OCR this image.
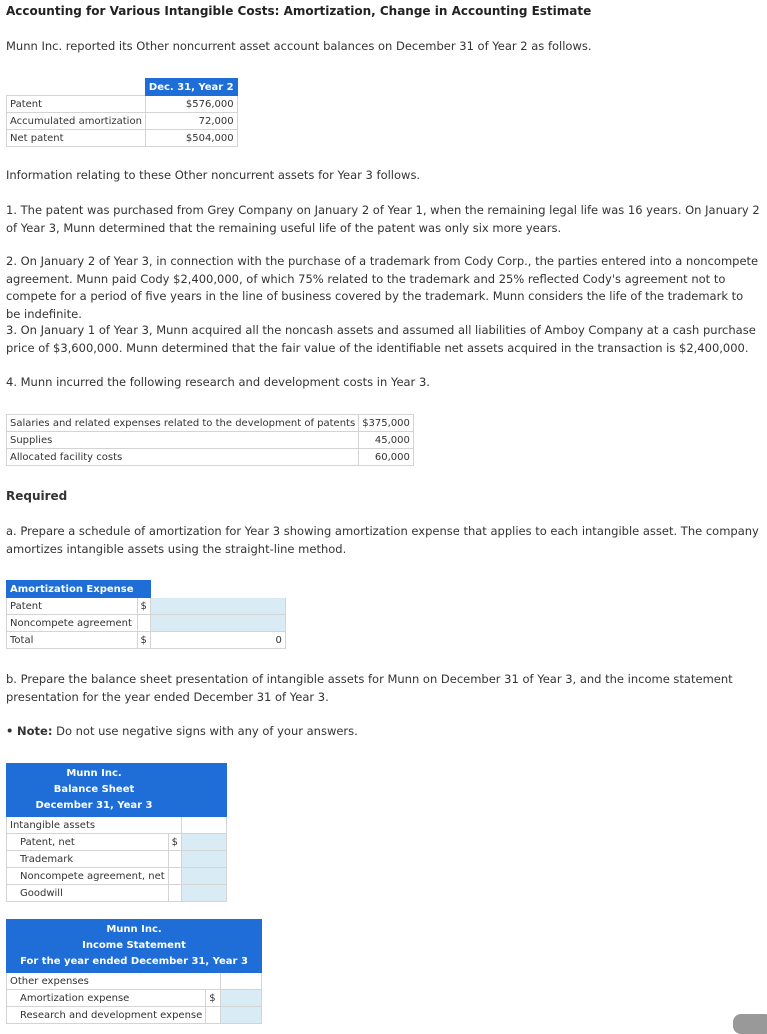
Accounting for Various Intangible Costs: Amortization, Change in Accounting Estimate
Munn Inc. reported its Other noncurrent asset account balances on December 31 of Year 2 as follows.
	Dec. 31, Year 2
Patent	$576,000
Accumulated amortization	72,000
Net patent	$504,000
Information relating to these Other noncurrent assets for Year 3 follows.
1. The patent was purchased from Grey Company on January 2 of Year 1, when the remaining legal life was 16 years. On January 2 of Year 3, Munn determined that the remaining useful life of the patent was only six more years.
2. On January 2 of Year 3, in connection with the purchase of a trademark from Cody Corp., the parties entered into a noncompete agreement. Munn paid Cody $2,400,000, of which 75% related to the trademark and 25% reflected Cody's agreement not to compete for a period of five years in the line of business covered by the trademark. Munn considers the life of the trademark to be indefinite.
3. On January 1 of Year 3, Munn acquired all the noncash assets and assumed all liabilities of Amboy Company at a cash purchase price of $3,600,000. Munn determined that the fair value of the identifiable net assets acquired in the transaction is $2,400,000.
4. Munn incurred the following research and development costs in Year 3.
Salaries and related expenses related to the development of patents	$375,000
Supplies	45,000
Allocated facility costs	60,000
Required
a. Prepare a schedule of amortization for Year 3 showing amortization expense that applies to each intangible asset. The company amortizes intangible assets using the straight-line method.
Amortization Expense		
Patent	$	
Noncompete agreement		
Total	$	0
b. Prepare the balance sheet presentation of intangible assets for Munn on December 31 of Year 3, and the income statement presentation for the year ended December 31 of Year 3.
• Note: Do not use negative signs with any of your answers.
Munn Inc.
Balance Sheet
December 31, Year 3		

Intangible assets		
Patent, net	$	
Trademark		
Noncompete agreement, net		
Goodwill		
Munn Inc.
Income Statement
For the year ended December 31, Year 3		

Other expenses		
Amortization expense	$	
Research and development expense		
